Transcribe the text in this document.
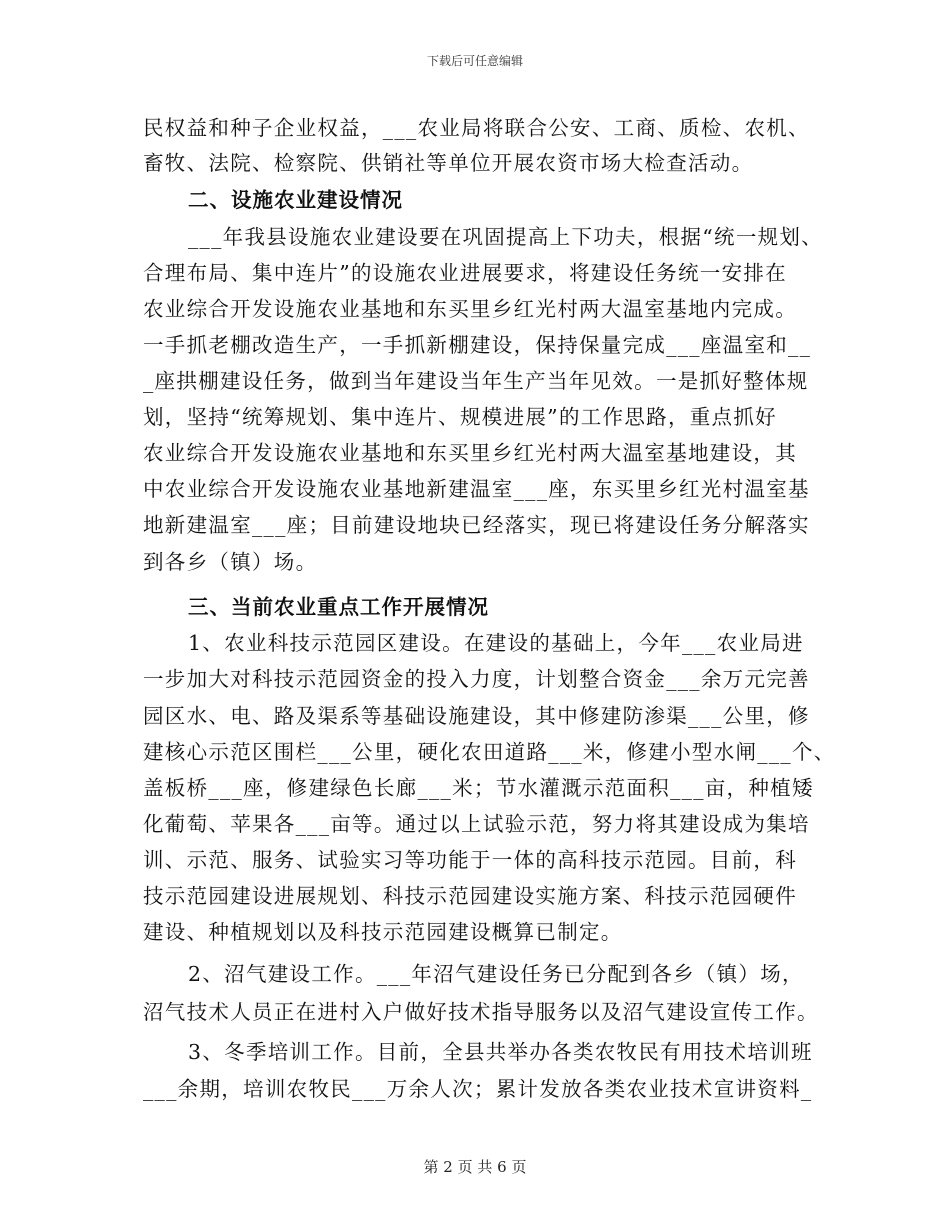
下载后可任意编辑
民权益和种子企业权益，___农业局将联合公安、工商、质检、农机、
畜牧、法院、检察院、供销社等单位开展农资市场大检查活动。
二、设施农业建设情况
___年我县设施农业建设要在巩固提高上下功夫，根据“统一规划、
合理布局、集中连片”的设施农业进展要求，将建设任务统一安排在
农业综合开发设施农业基地和东买里乡红光村两大温室基地内完成。
一手抓老棚改造生产，一手抓新棚建设，保持保量完成___座温室和__
_座拱棚建设任务，做到当年建设当年生产当年见效。一是抓好整体规
划，坚持“统筹规划、集中连片、规模进展”的工作思路，重点抓好
农业综合开发设施农业基地和东买里乡红光村两大温室基地建设，其
中农业综合开发设施农业基地新建温室___座，东买里乡红光村温室基
地新建温室___座；目前建设地块已经落实，现已将建设任务分解落实
到各乡（镇）场。
三、当前农业重点工作开展情况
1、农业科技示范园区建设。在建设的基础上，今年___农业局进
一步加大对科技示范园资金的投入力度，计划整合资金___余万元完善
园区水、电、路及渠系等基础设施建设，其中修建防渗渠___公里，修
建核心示范区围栏___公里，硬化农田道路___米，修建小型水闸___个、
盖板桥___座，修建绿色长廊___米；节水灌溉示范面积___亩，种植矮
化葡萄、苹果各___亩等。通过以上试验示范，努力将其建设成为集培
训、示范、服务、试验实习等功能于一体的高科技示范园。目前，科
技示范园建设进展规划、科技示范园建设实施方案、科技示范园硬件
建设、种植规划以及科技示范园建设概算已制定。
2、沼气建设工作。___年沼气建设任务已分配到各乡（镇）场，
沼气技术人员正在进村入户做好技术指导服务以及沼气建设宣传工作。
3、冬季培训工作。目前，全县共举办各类农牧民有用技术培训班
___余期，培训农牧民___万余人次；累计发放各类农业技术宣讲资料_
第 2 页 共 6 页
